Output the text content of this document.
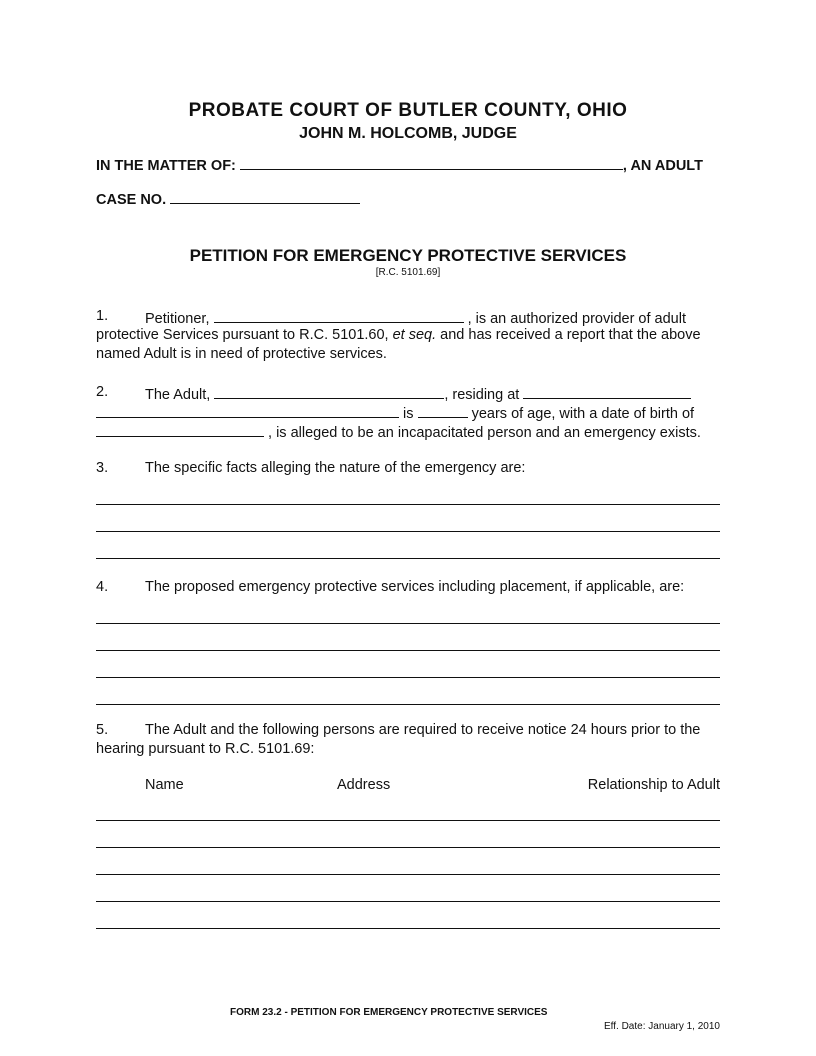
PROBATE COURT OF BUTLER COUNTY, OHIO
JOHN M. HOLCOMB, JUDGE
IN THE MATTER OF:	, AN ADULT
CASE NO.
PETITION FOR EMERGENCY PROTECTIVE SERVICES
[R.C. 5101.69]
1.	Petitioner,	, is an authorized provider of adult
protective Services pursuant to R.C. 5101.60, et seq. and has received a report that the above
named Adult is in need of protective services.
2.	The Adult,	, residing at
is	years of age, with a date of birth of
, is alleged to be an incapacitated person and an emergency exists.
3.	The specific facts alleging the nature of the emergency are:
4.	The proposed emergency protective services including placement, if applicable, are:
5.	The Adult and the following persons are required to receive notice 24 hours prior to the
hearing pursuant to R.C. 5101.69:
Name	Address	Relationship to Adult
FORM 23.2 - PETITION FOR EMERGENCY PROTECTIVE SERVICES
Eff. Date: January 1, 2010
